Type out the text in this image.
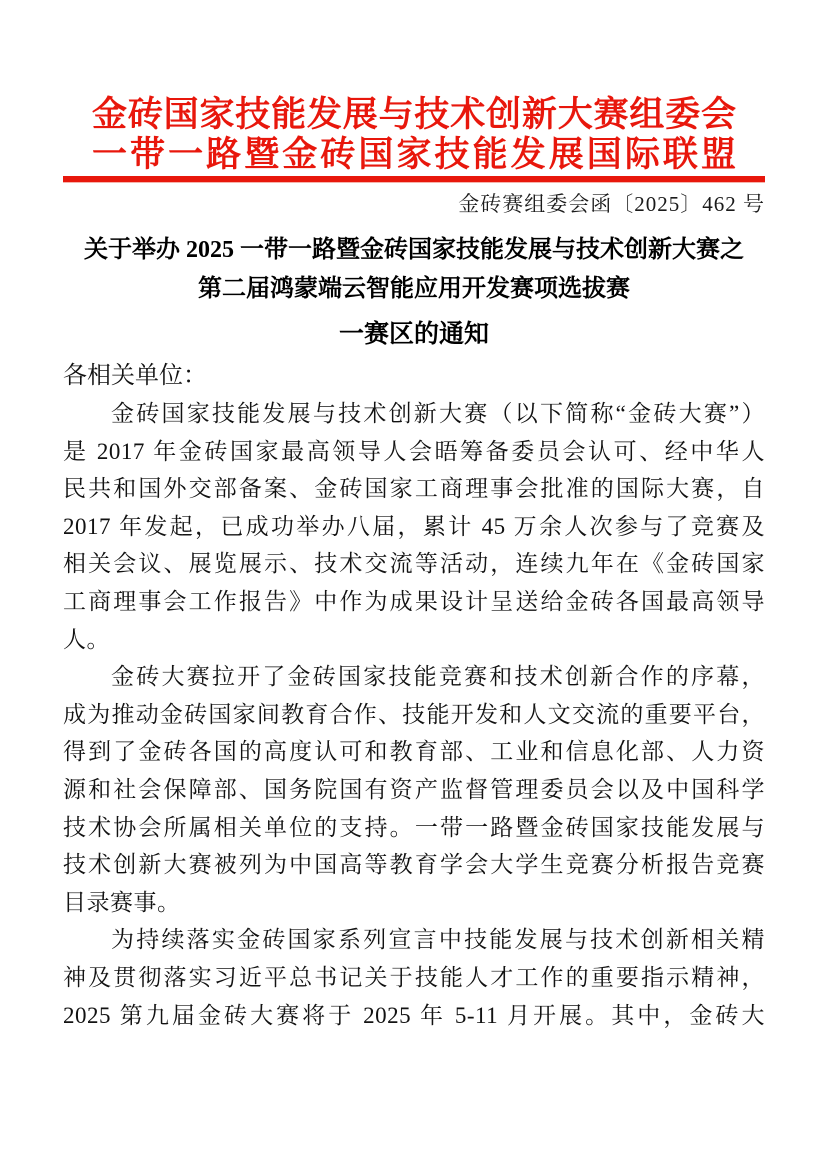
金砖国家技能发展与技术创新大赛组委会
一带一路暨金砖国家技能发展国际联盟
金砖赛组委会函〔2025〕462 号
关于举办 2025 一带一路暨金砖国家技能发展与技术创新大赛之
第二届鸿蒙端云智能应用开发赛项选拔赛
一赛区的通知
各相关单位：
金砖国家技能发展与技术创新大赛（以下简称“金砖大赛”）
是 2017 年金砖国家最高领导人会晤筹备委员会认可、经中华人
民共和国外交部备案、金砖国家工商理事会批准的国际大赛，自
2017 年发起，已成功举办八届，累计 45 万余人次参与了竞赛及
相关会议、展览展示、技术交流等活动，连续九年在《金砖国家
工商理事会工作报告》中作为成果设计呈送给金砖各国最高领导
人。
金砖大赛拉开了金砖国家技能竞赛和技术创新合作的序幕，
成为推动金砖国家间教育合作、技能开发和人文交流的重要平台，
得到了金砖各国的高度认可和教育部、工业和信息化部、人力资
源和社会保障部、国务院国有资产监督管理委员会以及中国科学
技术协会所属相关单位的支持。一带一路暨金砖国家技能发展与
技术创新大赛被列为中国高等教育学会大学生竞赛分析报告竞赛
目录赛事。
为持续落实金砖国家系列宣言中技能发展与技术创新相关精
神及贯彻落实习近平总书记关于技能人才工作的重要指示精神，
2025 第九届金砖大赛将于 2025 年 5-11 月开展。其中，金砖大
